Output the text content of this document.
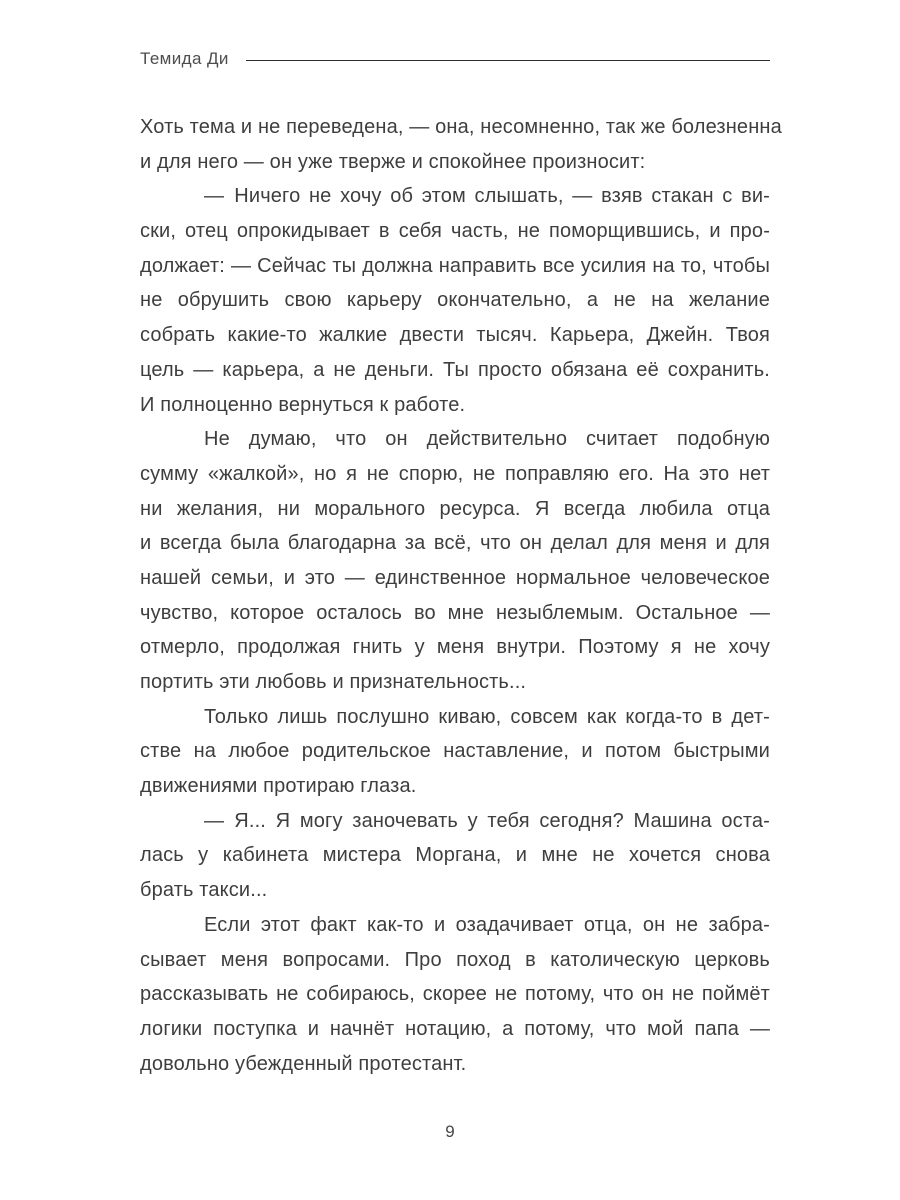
Темида Ди
Хоть тема и не переведена, — она, несомненно, так же болезненна
и для него — он уже тверже и спокойнее произносит:
— Ничего не хочу об этом слышать, — взяв стакан с ви-
ски, отец опрокидывает в себя часть, не поморщившись, и про-
должает: — Сейчас ты должна направить все усилия на то, чтобы
не обрушить свою карьеру окончательно, а не на желание
собрать какие-то жалкие двести тысяч. Карьера, Джейн. Твоя
цель — карьера, а не деньги. Ты просто обязана её сохранить.
И полноценно вернуться к работе.
Не думаю, что он действительно считает подобную
сумму «жалкой», но я не спорю, не поправляю его. На это нет
ни желания, ни морального ресурса. Я всегда любила отца
и всегда была благодарна за всё, что он делал для меня и для
нашей семьи, и это — единственное нормальное человеческое
чувство, которое осталось во мне незыблемым. Остальное —
отмерло, продолжая гнить у меня внутри. Поэтому я не хочу
портить эти любовь и признательность...
Только лишь послушно киваю, совсем как когда-то в дет-
стве на любое родительское наставление, и потом быстрыми
движениями протираю глаза.
— Я... Я могу заночевать у тебя сегодня? Машина оста-
лась у кабинета мистера Моргана, и мне не хочется снова
брать такси...
Если этот факт как-то и озадачивает отца, он не забра-
сывает меня вопросами. Про поход в католическую церковь
рассказывать не собираюсь, скорее не потому, что он не поймёт
логики поступка и начнёт нотацию, а потому, что мой папа —
довольно убежденный протестант.
9
